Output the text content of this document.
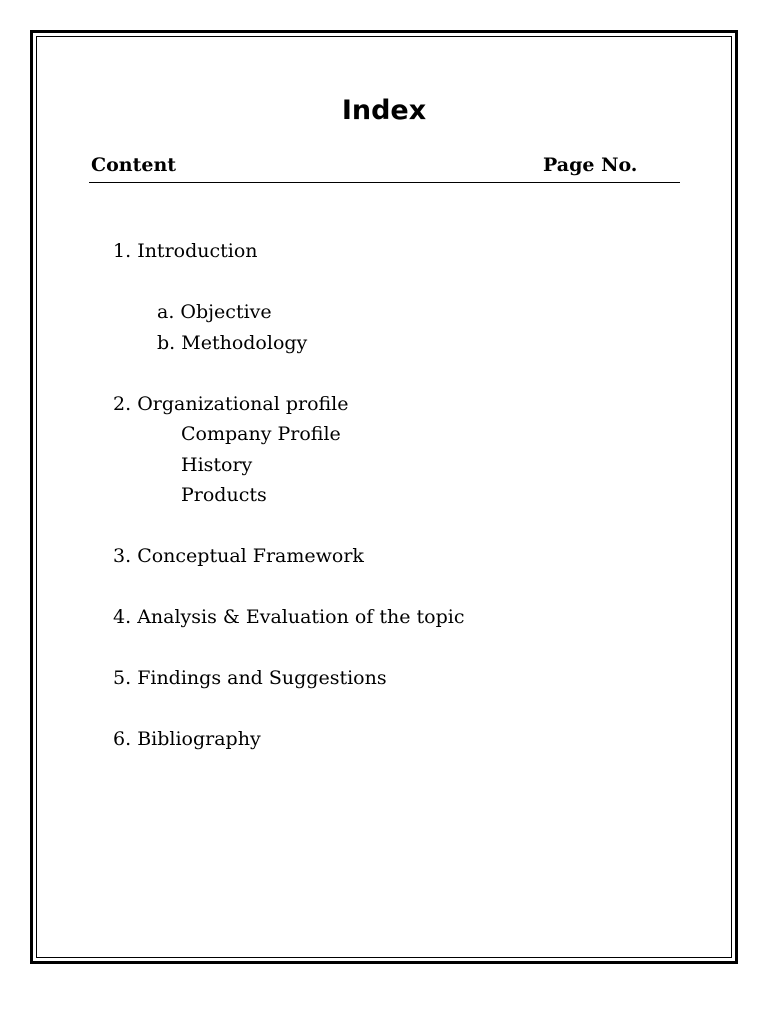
Index
Content	Page No.
1. Introduction
a. Objective
b. Methodology
2. Organizational profile
Company Profile
History
Products
3. Conceptual Framework
4. Analysis & Evaluation of the topic
5. Findings and Suggestions
6. Bibliography
